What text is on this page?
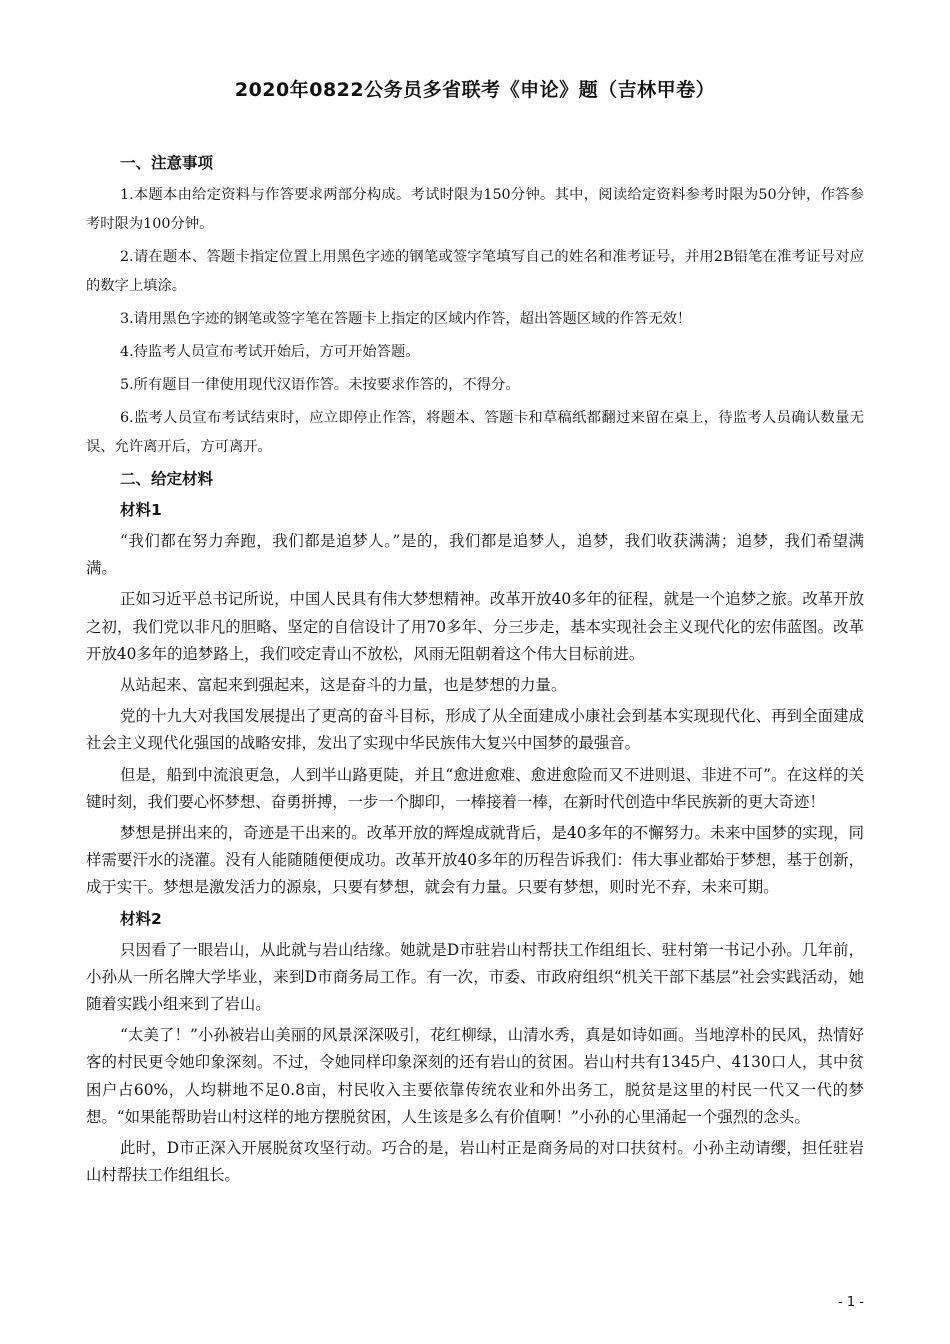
2020年0822公务员多省联考《申论》题（吉林甲卷）
一、注意事项

1.本题本由给定资料与作答要求两部分构成。考试时限为150分钟。其中，阅读给定资料参考时限为50分钟，作答参考时限为100分钟。

2.请在题本、答题卡指定位置上用黑色字迹的钢笔或签字笔填写自己的姓名和准考证号，并用2B铅笔在准考证号对应的数字上填涂。

3.请用黑色字迹的钢笔或签字笔在答题卡上指定的区域内作答，超出答题区域的作答无效！

4.待监考人员宣布考试开始后，方可开始答题。

5.所有题目一律使用现代汉语作答。未按要求作答的，不得分。

6.监考人员宣布考试结束时，应立即停止作答，将题本、答题卡和草稿纸都翻过来留在桌上，待监考人员确认数量无误、允许离开后，方可离开。

二、给定材料
材料1

“我们都在努力奔跑，我们都是追梦人。”是的，我们都是追梦人，追梦，我们收获满满；追梦，我们希望满满。

正如习近平总书记所说，中国人民具有伟大梦想精神。改革开放40多年的征程，就是一个追梦之旅。改革开放之初，我们党以非凡的胆略、坚定的自信设计了用70多年、分三步走，基本实现社会主义现代化的宏伟蓝图。改革开放40多年的追梦路上，我们咬定青山不放松，风雨无阻朝着这个伟大目标前进。

从站起来、富起来到强起来，这是奋斗的力量，也是梦想的力量。

党的十九大对我国发展提出了更高的奋斗目标，形成了从全面建成小康社会到基本实现现代化、再到全面建成社会主义现代化强国的战略安排，发出了实现中华民族伟大复兴中国梦的最强音。

但是，船到中流浪更急，人到半山路更陡，并且“愈进愈难、愈进愈险而又不进则退、非进不可”。在这样的关键时刻，我们要心怀梦想、奋勇拼搏，一步一个脚印，一棒接着一棒，在新时代创造中华民族新的更大奇迹！

梦想是拼出来的，奇迹是干出来的。改革开放的辉煌成就背后，是40多年的不懈努力。未来中国梦的实现，同样需要汗水的浇灌。没有人能随随便便成功。改革开放40多年的历程告诉我们：伟大事业都始于梦想，基于创新，成于实干。梦想是激发活力的源泉，只要有梦想，就会有力量。只要有梦想，则时光不弃，未来可期。

材料2

只因看了一眼岩山，从此就与岩山结缘。她就是D市驻岩山村帮扶工作组组长、驻村第一书记小孙。几年前，小孙从一所名牌大学毕业，来到D市商务局工作。有一次，市委、市政府组织“机关干部下基层”社会实践活动，她随着实践小组来到了岩山。

“太美了！”小孙被岩山美丽的风景深深吸引，花红柳绿，山清水秀，真是如诗如画。当地淳朴的民风，热情好客的村民更令她印象深刻。不过，令她同样印象深刻的还有岩山的贫困。岩山村共有1345户、4130口人，其中贫困户占60%，人均耕地不足0.8亩，村民收入主要依靠传统农业和外出务工，脱贫是这里的村民一代又一代的梦想。“如果能帮助岩山村这样的地方摆脱贫困，人生该是多么有价值啊！”小孙的心里涌起一个强烈的念头。

此时，D市正深入开展脱贫攻坚行动。巧合的是，岩山村正是商务局的对口扶贫村。小孙主动请缨，担任驻岩山村帮扶工作组组长。

- 1 -
